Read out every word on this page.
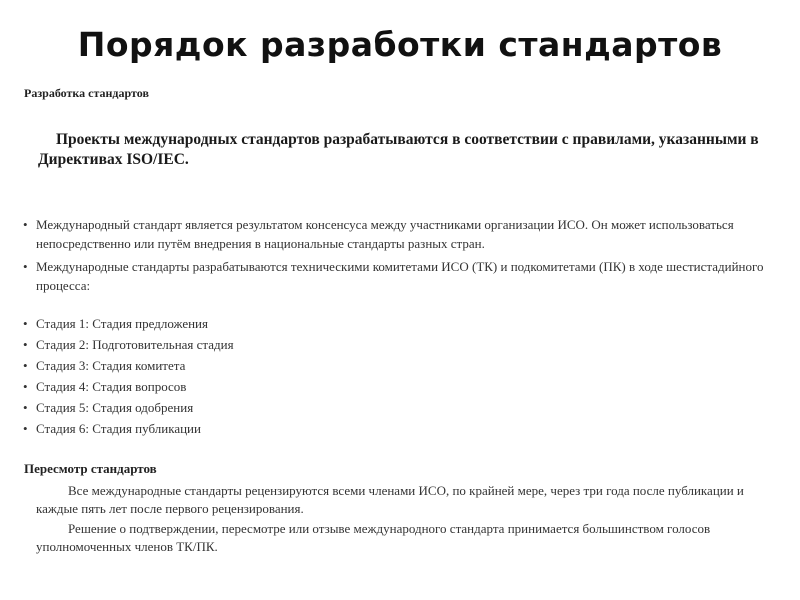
Порядок разработки стандартов
Разработка стандартов
Проекты международных стандартов разрабатываются в соответствии с правилами, указанными в Директивах ISO/IEC.
• Международный стандарт является результатом консенсуса между участниками организации ИСО. Он может использоваться непосредственно или путём внедрения в национальные стандарты разных стран.
• Международные стандарты разрабатываются техническими комитетами ИСО (ТК) и подкомитетами (ПК) в ходе шестистадийного процесса:
• Стадия 1: Стадия предложения
• Стадия 2: Подготовительная стадия
• Стадия 3: Стадия комитета
• Стадия 4: Стадия вопросов
• Стадия 5: Стадия одобрения
• Стадия 6: Стадия публикации
Пересмотр стандартов
Все международные стандарты рецензируются всеми членами ИСО, по крайней мере, через три года после публикации и каждые пять лет после первого рецензирования.
Решение о подтверждении, пересмотре или отзыве международного стандарта принимается большинством голосов уполномоченных членов ТК/ПК.
